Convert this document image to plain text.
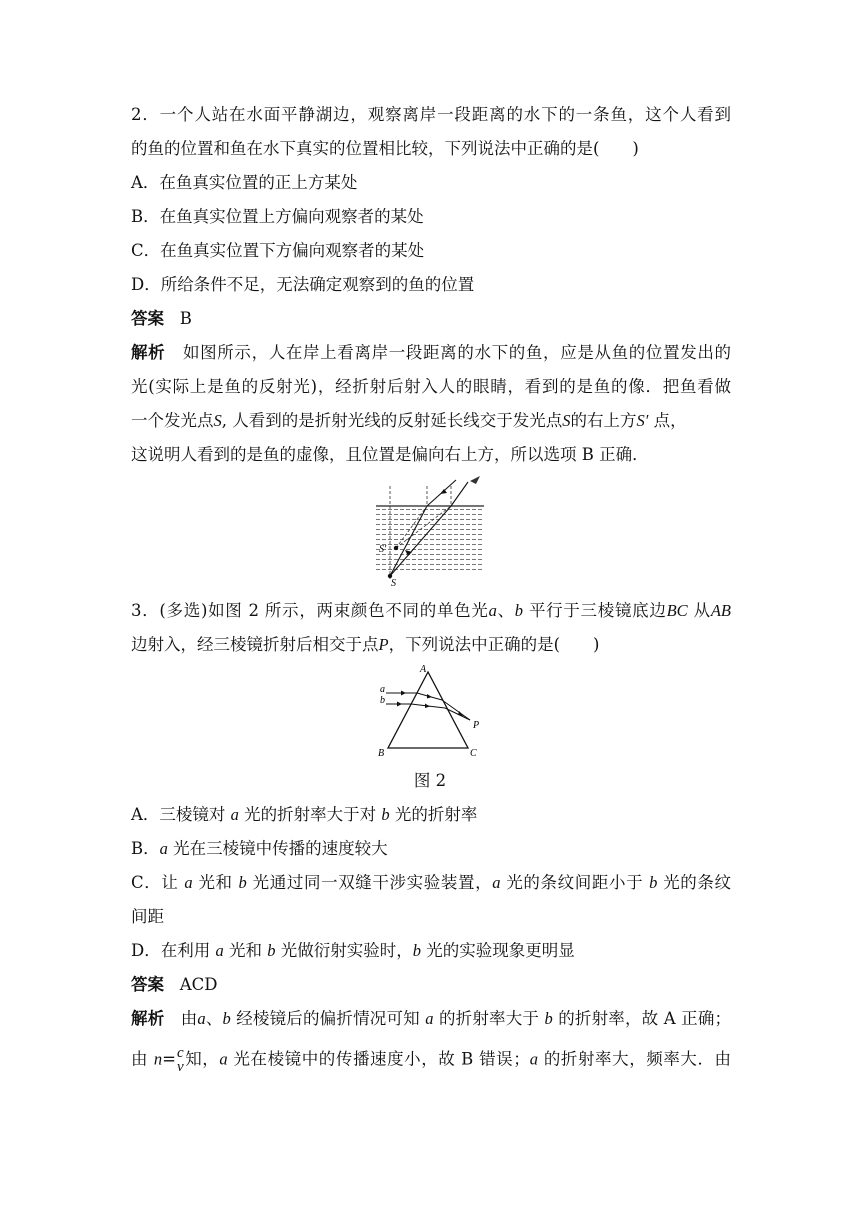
2．一个人站在水面平静湖边，观察离岸一段距离的水下的一条鱼，这个人看到
的鱼的位置和鱼在水下真实的位置相比较，下列说法中正确的是(　　)
A．在鱼真实位置的正上方某处
B．在鱼真实位置上方偏向观察者的某处
C．在鱼真实位置下方偏向观察者的某处
D．所给条件不足，无法确定观察到的鱼的位置
答案 B
解析 如图所示，人在岸上看离岸一段距离的水下的鱼，应是从鱼的位置发出的
光(实际上是鱼的反射光)，经折射后射入人的眼睛，看到的是鱼的像．把鱼看做
一个发光点S, 人看到的是折射光线的反射延长线交于发光点S的右上方S′ 点，
这说明人看到的是鱼的虚像，且位置是偏向右上方，所以选项 B 正确．
S′
S
3．(多选)如图 2 所示，两束颜色不同的单色光a、b 平行于三棱镜底边BC 从AB
边射入，经三棱镜折射后相交于点P，下列说法中正确的是(　　)
A
B	C
P
a
b
图 2
A．三棱镜对 a 光的折射率大于对 b 光的折射率
B．a 光在三棱镜中传播的速度较大
C．让 a 光和 b 光通过同一双缝干涉实验装置，a 光的条纹间距小于 b 光的条纹
间距
D．在利用 a 光和 b 光做衍射实验时，b 光的实验现象更明显
答案 ACD
解析 由a、b 经棱镜后的偏折情况可知 a 的折射率大于 b 的折射率，故 A 正确；
由 n= c
v 知，a 光在棱镜中的传播速度小，故 B 错误；a 的折射率大，频率大．由
